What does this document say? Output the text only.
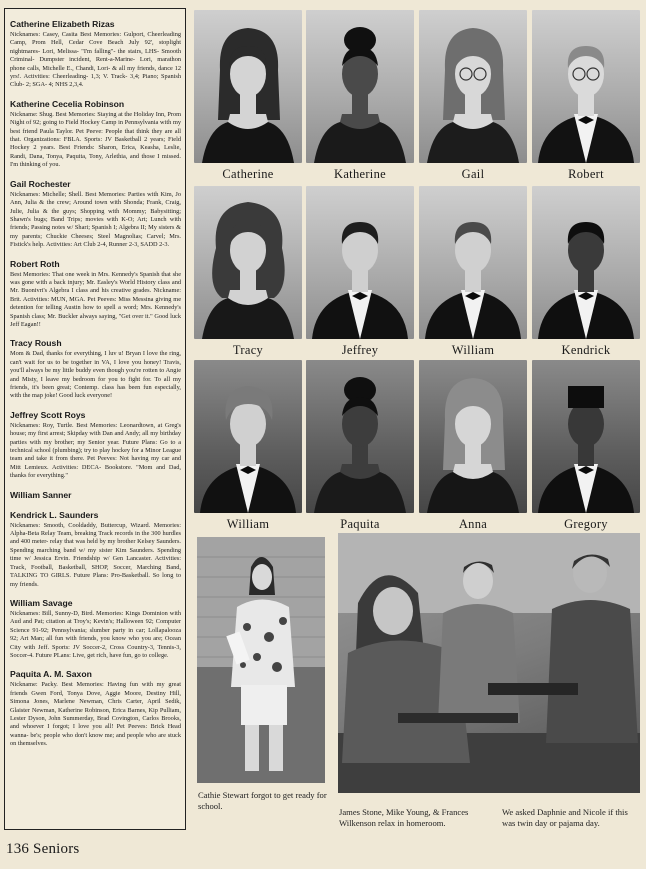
Catherine Elizabeth Rizas
Nicknames: Casey, Casita Best Memories: Gulport, Cheerleading Camp, Prom Hell, Cedar Cove Beach July 92', stoplight nightmares- Lori, Melissa- "I'm falling"- the stairs, LHS- Smooth Criminal- Dumpster incident, Rent-a-Marine- Lori, marathon phone calls, Michelle E., Chandi, Lori- & all my friends, dance 12 yrs!. Activities: Cheerleading- 1,3; V. Track- 3,4; Piano; Spanish Club- 2; SGA- 4; NHS 2,3,4.
Katherine Cecelia Robinson
Nickname: Shug. Best Memories: Staying at the Holiday Inn, Prom Night of 92; going to Field Hockey Camp in Pennsylvania with my best friend Paula Taylor. Pet Peeve: People that think they are all that. Organizations: FBLA. Sports: JV Basketball 2 years; Field Hockey 2 years. Best Friends: Sharon, Erica, Keasha, Leslie, Randi, Dana, Tonya, Paquita, Tony, Arlethia, and those I missed. I'm thinking of you.
Gail Rochester
Nicknames: Michelle; Shell. Best Memories: Parties with Kim, Jo Ann, Julia & the crew; Around town with Shonda; Frank, Craig, Julie, Julia & the guys; Shopping with Mommy; Babysitting; Shawn's bugs; Band Trips; movies with K-O; Art; Lunch with friends; Passing notes w/ Shari; Spanish I; Algebra II; My sisters & my parents; Chuckie Cheeses; Steel Magnolias; Carvel; Mrs. Fistick's help. Activities: Art Club 2-4, Runner 2-3, SADD 2-3.
Robert Roth
Best Memories: That one week in Mrs. Kennedy's Spanish that she was gone with a back injury; Mr. Easley's World History class and Mr. Buonivri's Algebra I class and his creative grades. Nickname: Brit. Activities: MUN, MGA. Pet Peeves: Miss Messina giving me detention for telling Austin how to spell a word; Mrs. Kennedy's Spanish class; Mr. Buckler always saying, "Get over it." Good luck Jeff Eagan!!
Tracy Roush
Mom & Dad, thanks for everything, I luv u! Bryan I love the ring, can't wait for us to be together in VA, I love you honey! Travis, you'll always be my little buddy even though you're rotten to Angie and Misty, I leave my bedroom for you to fight for. To all my friends, it's been great; Contemp. class has been fun especially, with the map joke! Good luck everyone!
Jeffrey Scott Roys
Nicknames: Roy, Turtle. Best Memories: Leonardtown, at Greg's house; my first arrest; Skipday with Dan and Andy; all my birthday parties with my brother; my Senior year. Future Plans: Go to a technical school (plumbing); try to play hockey for a Minor League team and take it from there. Pet Peeves: Not having my car and Mitt Lemieux. Activities: DECA- Bookstore. "Mom and Dad, thanks for everything."
William Sanner
Kendrick L. Saunders
Nicknames: Smooth, Cooldaddy, Buttercup, Wizard. Memories: Alpha-Beta Relay Team, breaking Track records in the 300 hurdles and 400 meter- relay that was held by my brother Kelsey Saunders. Spending marching band w/ my sister Kim Saunders. Spending time w/ Jessica Ervin. Friendship w/ Gen Lancaster. Activities: Track, Football, Basketball, SHOP, Soccer, Marching Band, TALKING TO GIRLS. Future Plans: Pro-Basketball. So long to my friends.
William Savage
Nicknames: Bill, Sunny-D, Bird. Memories: Kings Dominion with Aud and Pat; citation at Troy's; Kevin's; Halloween 92; Computer Science 91-92; Pennsylvania; slumber party in car; Lollapalooza 92; Art Man; all fun with friends, you know who you are; Ocean City with Jeff. Sports: JV Soccer-2, Cross Country-3, Tennis-3, Soccer-4. Future PLans: Live, get rich, have fun, go to college.
Paquita A. M. Saxon
Nickname: Packy. Best Memories: Having fun with my great friends Gwen Ford, Tonya Dove, Aggie Moore, Destiny Hill, Simona Jones, Marlene Newman, Chris Carter, April Sedik, Glaister Newman, Katherine Robinson, Erica Barnes, Kip Pulliam, Lester Dyson, John Summerday, Brad Covington, Carlos Brooks, and whoever I forgot; I love you all! Pet Peeves: Brick Head wanna- be's; people who don't know me; and people who are stuck on themselves.
Catherine	Katherine	Gail	Robert
Tracy	Jeffrey	William	Kendrick
William	Paquita	Anna	Gregory
Cathie Stewart forgot to get ready for school.
James Stone, Mike Young, & Frances Wilkenson relax in homeroom.
We asked Daphnie and Nicole if this was twin day or pajama day.
136 Seniors
